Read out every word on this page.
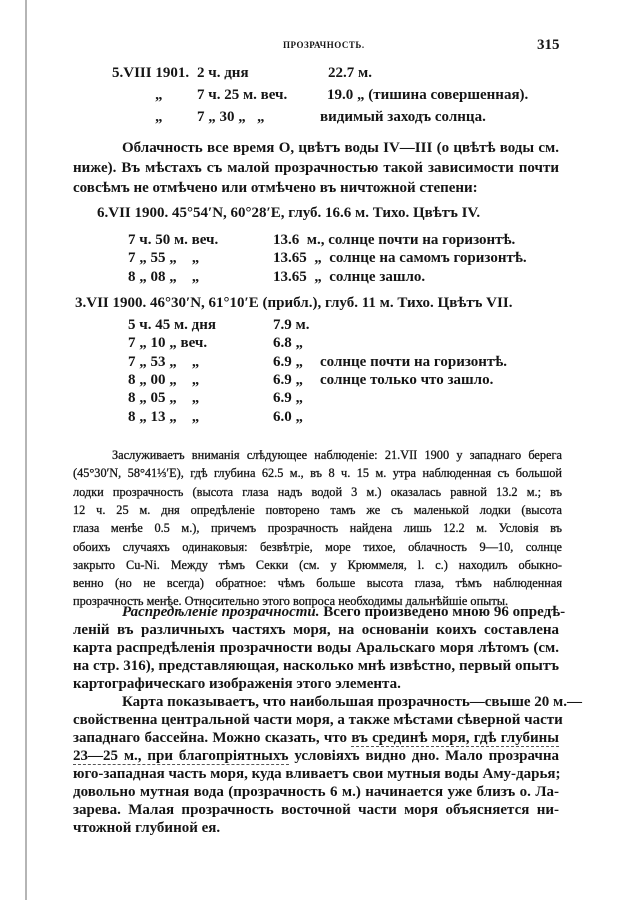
ПРОЗРАЧНОСТЬ.	315
5.VIII 1901. 2 ч. дня	22.7 м.
„ 7 ч. 25 м. веч.	19.0 „ (тишина совершенная).
„ 7 „ 30 „   „	видимый заходъ солнца.
Облачность все время О, цвѣтъ воды IV—III (о цвѣтѣ воды см.
ниже). Въ мѣстахъ съ малой прозрачностью такой зависимости почти
совсѣмъ не отмѣчено или отмѣчено въ ничтожной степени:
6.VII 1900. 45°54′N, 60°28′E, глуб. 16.6 м. Тихо. Цвѣтъ IV.
7 ч. 50 м. веч.	13.6  м., солнце почти на горизонтѣ.
7 „ 55 „    „	13.65  „  солнце на самомъ горизонтѣ.
8 „ 08 „    „	13.65  „  солнце зашло.
3.VII 1900. 46°30′N, 61°10′E (прибл.), глуб. 11 м. Тихо. Цвѣтъ VII.
5 ч. 45 м. дня	7.9 м.
7 „ 10 „ веч.	6.8 „
7 „ 53 „    „	6.9 „ солнце почти на горизонтѣ.
8 „ 00 „    „	6.9 „ солнце только что зашло.
8 „ 05 „    „	6.9 „
8 „ 13 „    „	6.0 „
Заслуживаетъ вниманія слѣдующее наблюденіе: 21.VII 1900 у западнаго берега
(45°30′N, 58°41⅓′E), гдѣ глубина 62.5 м., въ 8 ч. 15 м. утра наблюденная съ большой
лодки прозрачность (высота глаза надъ водой 3 м.) оказалась равной 13.2 м.; въ
12 ч. 25 м. дня опредѣленіе повторено тамъ же съ маленькой лодки (высота
глаза менѣе 0.5 м.), причемъ прозрачность найдена лишь 12.2 м. Условія въ
обоихъ случаяхъ одинаковыя: безвѣтріе, море тихое, облачность 9—10, солнце
закрыто Cu-Ni. Между тѣмъ Секки (см. у Крюммеля, l. c.) находилъ обыкно-
венно (но не всегда) обратное: чѣмъ больше высота глаза, тѣмъ наблюденная
прозрачность менѣе. Относительно этого вопроса необходимы дальнѣйшіе опыты.
Распредѣленіе прозрачности. Всего произведено мною 96 опредѣ-
леній въ различныхъ частяхъ моря, на основаніи коихъ составлена
карта распредѣленія прозрачности воды Аральскаго моря лѣтомъ (см.
на стр. 316), представляющая, насколько мнѣ извѣстно, первый опытъ
картографическаго изображенія этого элемента.
Карта показываетъ, что наибольшая прозрачность—свыше 20 м.—
свойственна центральной части моря, а также мѣстами сѣверной части
западнаго бассейна. Можно сказать, что въ срединѣ моря, гдѣ глубины
23—25 м., при благопріятныхъ условіяхъ видно дно. Мало прозрачна
юго-западная часть моря, куда вливаетъ свои мутныя воды Аму-дарья;
довольно мутная вода (прозрачность 6 м.) начинается уже близъ о. Ла-
зарева. Малая прозрачность восточной части моря объясняется ни-
чтожной глубиной ея.
